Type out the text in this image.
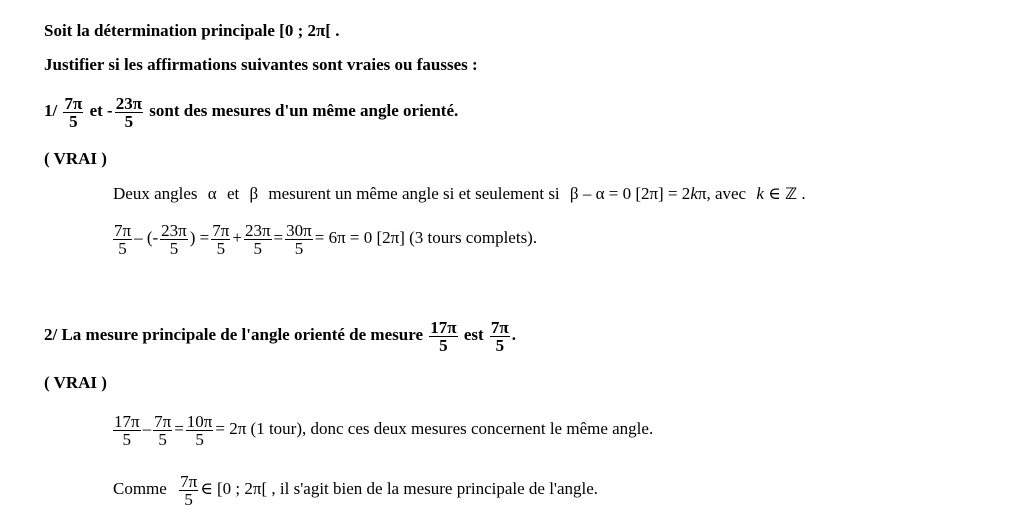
Soit la détermination principale [0 ; 2π[ .
Justifier si les affirmations suivantes sont vraies ou fausses :
$1/ \frac{7\pi}{5}$ et - $\frac{23\pi}{5}$ sont des mesures d'un même angle orienté.
( VRAI )
Deux angles α et β mesurent un même angle si et seulement si β – α = 0 [2π] = 2kπ, avec k ∈ ℤ .
$\frac{7\pi}{5}$ – (- $\frac{23\pi}{5}$ ) = $\frac{7\pi}{5} + \frac{23\pi}{5} = \frac{30\pi}{5} = 6\pi = 0$ [2π] (3 tours complets).
2/ La mesure principale de l'angle orienté de mesure $\frac{17\pi}{5}$ est $\frac{7\pi}{5}$ .
( VRAI )
$\frac{17\pi}{5} - \frac{7\pi}{5} = \frac{10\pi}{5} = 2\pi$ (1 tour), donc ces deux mesures concernent le même angle.
Comme $\frac{7\pi}{5}$ ∈ [0 ; 2π[ , il s'agit bien de la mesure principale de l'angle.
